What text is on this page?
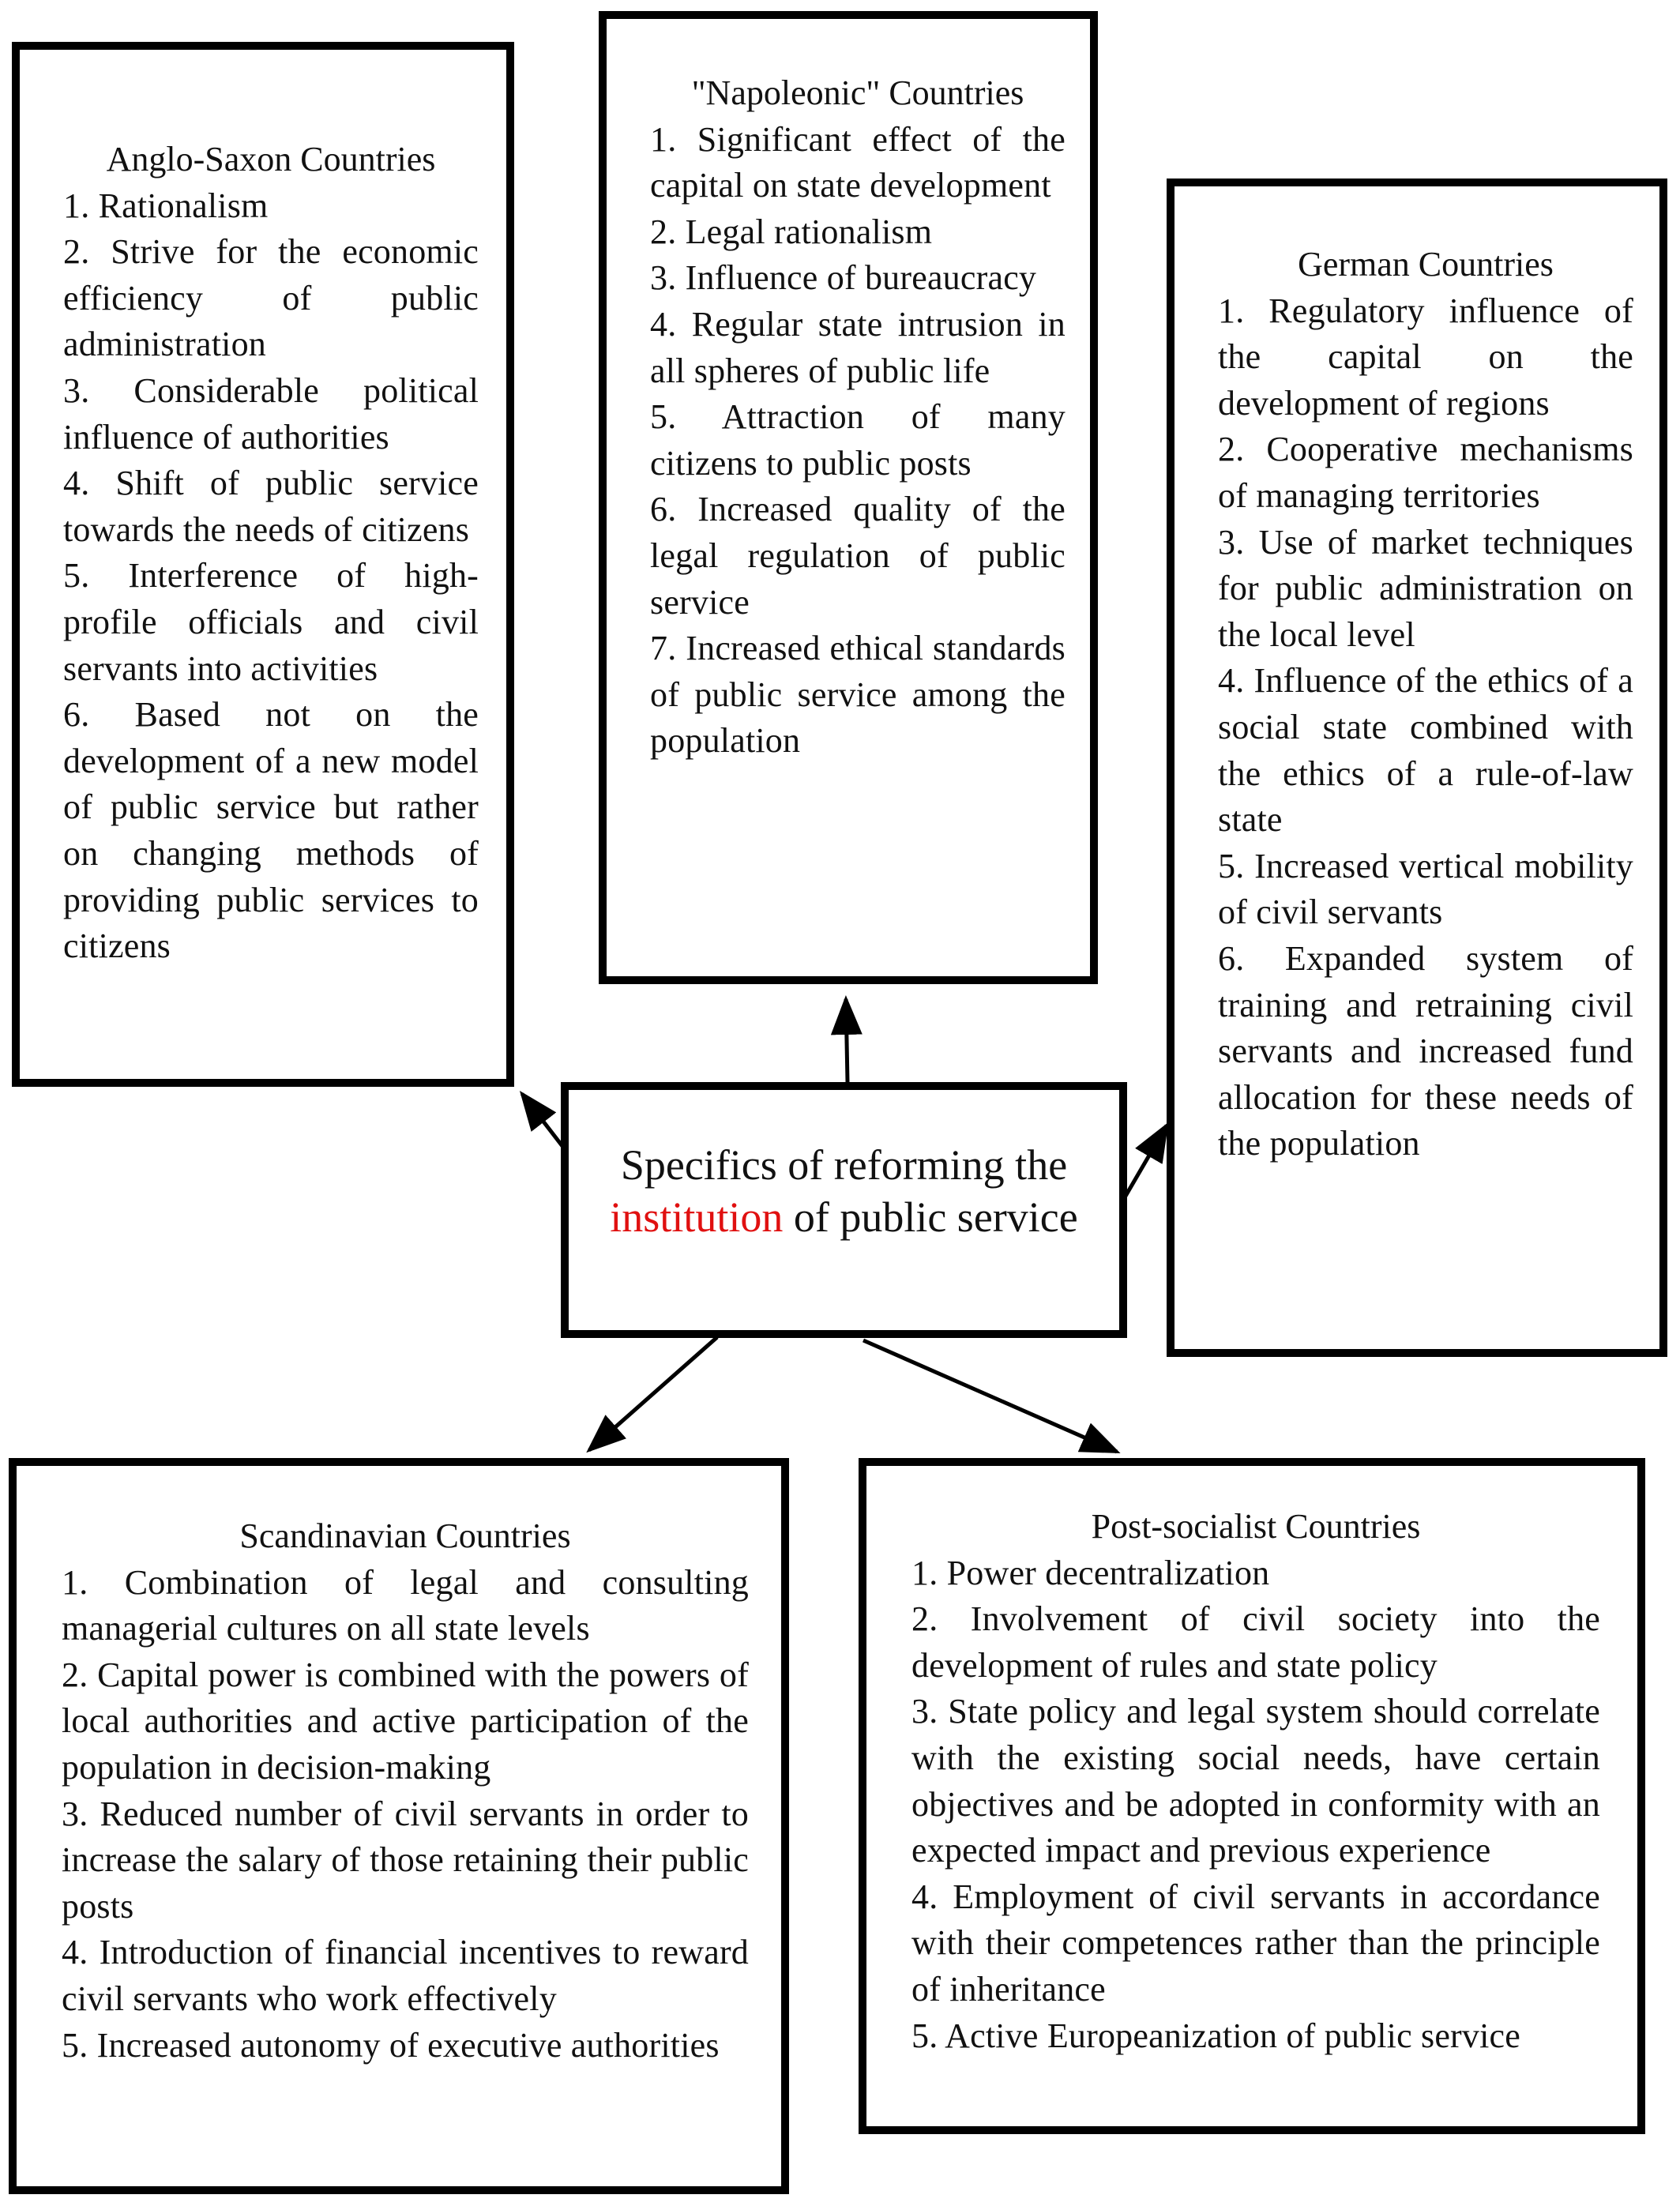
Anglo-Saxon Countries
1. Rationalism
2. Strive for the economic efficiency of public administration
3. Considerable political influence of authorities
4. Shift of public service towards the needs of citizens
5. Interference of high-profile officials and civil servants into activities
6. Based not on the development of a new model of public service but rather on changing methods of providing public services to citizens
"Napoleonic" Countries
1. Significant effect of the capital on state development
2. Legal rationalism
3. Influence of bureaucracy
4. Regular state intrusion in all spheres of public life
5. Attraction of many citizens to public posts
6. Increased quality of the legal regulation of public service
7. Increased ethical standards of public service among the population
German Countries
1. Regulatory influence of the capital on the development of regions
2. Cooperative mechanisms of managing territories
3. Use of market techniques for public administration on the local level
4. Influence of the ethics of a social state combined with the ethics of a rule-of-law state
5. Increased vertical mobility of civil servants
6. Expanded system of training and retraining civil servants and increased fund allocation for these needs of the population
Specifics of reforming the institution of public service
Scandinavian Countries
1. Combination of legal and consulting managerial cultures on all state levels
2. Capital power is combined with the powers of local authorities and active participation of the population in decision-making
3. Reduced number of civil servants in order to increase the salary of those retaining their public posts
4. Introduction of financial incentives to reward civil servants who work effectively
5. Increased autonomy of executive authorities
Post-socialist Countries
1. Power decentralization
2. Involvement of civil society into the development of rules and state policy
3. State policy and legal system should correlate with the existing social needs, have certain objectives and be adopted in conformity with an expected impact and previous experience
4. Employment of civil servants in accordance with their competences rather than the principle of inheritance
5. Active Europeanization of public service
